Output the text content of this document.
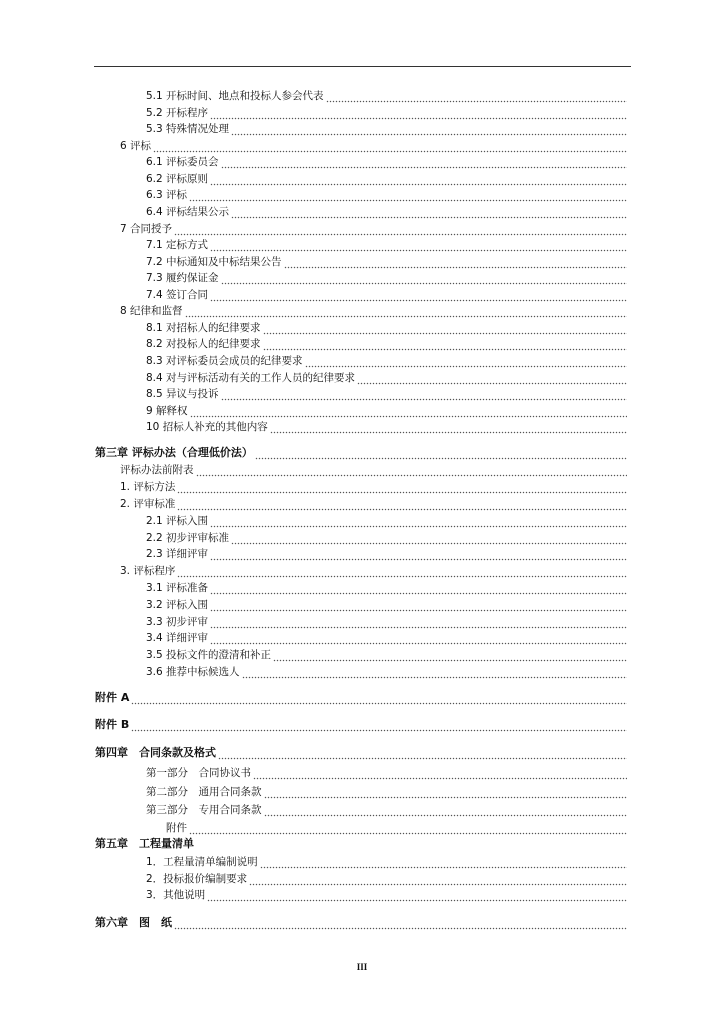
5.1 开标时间、地点和投标人参会代表
5.2 开标程序
5.3 特殊情况处理
6 评标
6.1 评标委员会
6.2 评标原则
6.3 评标
6.4 评标结果公示
7 合同授予
7.1 定标方式
7.2 中标通知及中标结果公告
7.3 履约保证金
7.4 签订合同
8 纪律和监督
8.1 对招标人的纪律要求
8.2 对投标人的纪律要求
8.3 对评标委员会成员的纪律要求
8.4 对与评标活动有关的工作人员的纪律要求
8.5 异议与投诉
9 解释权
10 招标人补充的其他内容
第三章 评标办法（合理低价法）
评标办法前附表
1. 评标方法
2. 评审标准
2.1 评标入围
2.2 初步评审标准
2.3 详细评审
3. 评标程序
3.1 评标准备
3.2 评标入围
3.3 初步评审
3.4 详细评审
3.5 投标文件的澄清和补正
3.6 推荐中标候选人
附件 A
附件 B
第四章　合同条款及格式
第一部分　合同协议书
第二部分　通用合同条款
第三部分　专用合同条款
附件
第五章　工程量清单
1．工程量清单编制说明
2．投标报价编制要求
3．其他说明
第六章　图　纸
III
